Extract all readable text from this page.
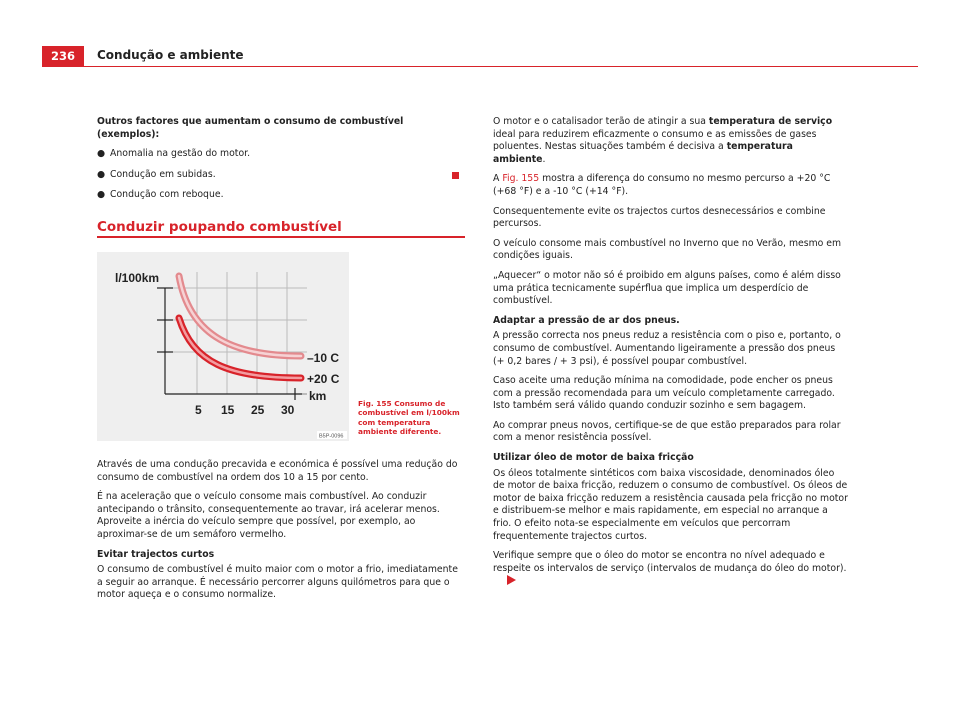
236	Condução e ambiente

Outros factores que aumentam o consumo de combustível (exemplos):

● Anomalia na gestão do motor.
● Condução em subidas.
● Condução com reboque.
Conduzir poupando combustível
l/100km
–10 C
+20 C
km
5 15 25 30
B5P-0096
Fig. 155 Consumo de combustível em l/100km com temperatura ambiente diferente.

Através de uma condução precavida e económica é possível uma redução do consumo de combustível na ordem dos 10 a 15 por cento.

É na aceleração que o veículo consome mais combustível. Ao conduzir antecipando o trânsito, consequentemente ao travar, irá acelerar menos. Aproveite a inércia do veículo sempre que possível, por exemplo, ao aproximar-se de um semáforo vermelho.

Evitar trajectos curtos

O consumo de combustível é muito maior com o motor a frio, imediatamente a seguir ao arranque. É necessário percorrer alguns quilómetros para que o motor aqueça e o consumo normalize.

O motor e o catalisador terão de atingir a sua temperatura de serviço ideal para reduzirem eficazmente o consumo e as emissões de gases poluentes. Nestas situações também é decisiva a temperatura ambiente.

A Fig. 155 mostra a diferença do consumo no mesmo percurso a +20 °C (+68 °F) e a -10 °C (+14 °F).

Consequentemente evite os trajectos curtos desnecessários e combine percursos.

O veículo consome mais combustível no Inverno que no Verão, mesmo em condições iguais.

„Aquecer“ o motor não só é proibido em alguns países, como é além disso uma prática tecnicamente supérflua que implica um desperdício de combustível.

Adaptar a pressão de ar dos pneus.

A pressão correcta nos pneus reduz a resistência com o piso e, portanto, o consumo de combustível. Aumentando ligeiramente a pressão dos pneus (+ 0,2 bares / + 3 psi), é possível poupar combustível.

Caso aceite uma redução mínima na comodidade, pode encher os pneus com a pressão recomendada para um veículo completamente carregado. Isto também será válido quando conduzir sozinho e sem bagagem.

Ao comprar pneus novos, certifique-se de que estão preparados para rolar com a menor resistência possível.

Utilizar óleo de motor de baixa fricção

Os óleos totalmente sintéticos com baixa viscosidade, denominados óleo de motor de baixa fricção, reduzem o consumo de combustível. Os óleos de motor de baixa fricção reduzem a resistência causada pela fricção no motor e distribuem-se melhor e mais rapidamente, em especial no arranque a frio. O efeito nota-se especialmente em veículos que percorram frequentemente trajectos curtos.

Verifique sempre que o óleo do motor se encontra no nível adequado e respeite os intervalos de serviço (intervalos de mudança do óleo do motor).
